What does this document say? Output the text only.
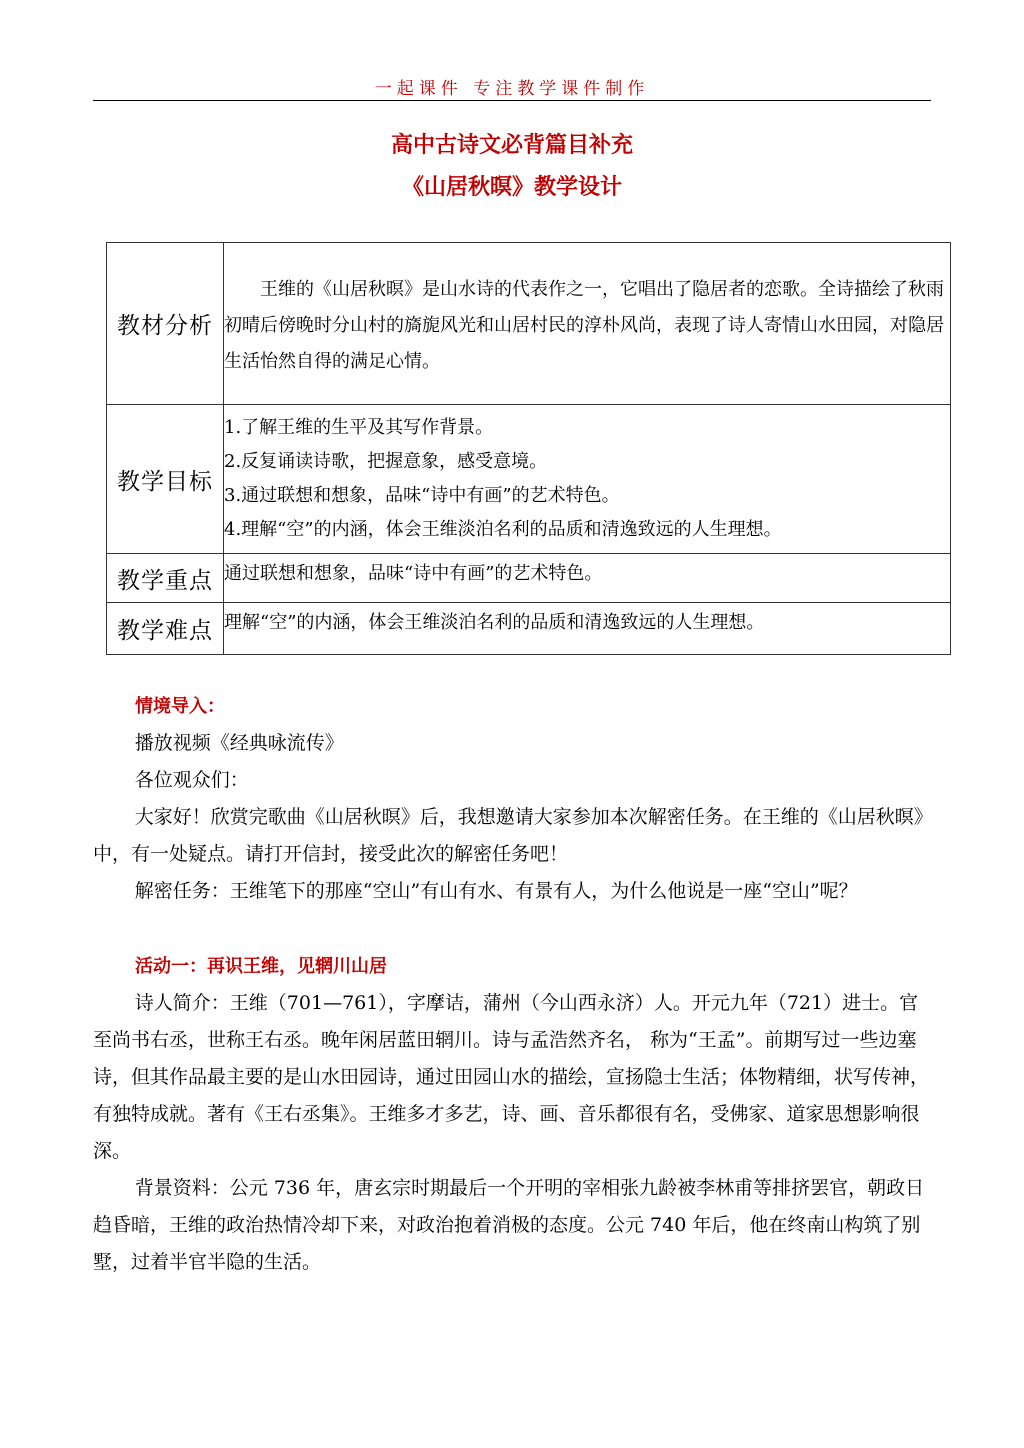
一起课件 专注教学课件制作
高中古诗文必背篇目补充
《山居秋暝》教学设计
教材分析	王维的《山居秋暝》是山水诗的代表作之一，它唱出了隐居者的恋歌。全诗描绘了秋雨初晴后傍晚时分山村的旖旎风光和山居村民的淳朴风尚，表现了诗人寄情山水田园，对隐居生活怡然自得的满足心情。

教学目标	1.了解王维的生平及其写作背景。
2.反复诵读诗歌，把握意象，感受意境。
3.通过联想和想象，品味“诗中有画”的艺术特色。
4.理解“空”的内涵，体会王维淡泊名利的品质和清逸致远的人生理想。

教学重点	通过联想和想象，品味“诗中有画”的艺术特色。
教学难点	理解“空”的内涵，体会王维淡泊名利的品质和清逸致远的人生理想。

情境导入：

播放视频《经典咏流传》

各位观众们：

大家好！欣赏完歌曲《山居秋暝》后，我想邀请大家参加本次解密任务。在王维的《山居秋暝》中，有一处疑点。请打开信封，接受此次的解密任务吧！

解密任务：王维笔下的那座“空山”有山有水、有景有人，为什么他说是一座“空山”呢？

活动一：再识王维，见辋川山居

诗人简介：王维（701—761），字摩诘，蒲州（今山西永济）人。开元九年（721）进士。官至尚书右丞，世称王右丞。晚年闲居蓝田辋川。诗与孟浩然齐名， 称为“王孟”。前期写过一些边塞诗，但其作品最主要的是山水田园诗，通过田园山水的描绘，宣扬隐士生活；体物精细，状写传神，有独特成就。著有《王右丞集》。王维多才多艺，诗、画、音乐都很有名，受佛家、道家思想影响很深。

背景资料：公元 736 年，唐玄宗时期最后一个开明的宰相张九龄被李林甫等排挤罢官，朝政日趋昏暗，王维的政治热情冷却下来，对政治抱着消极的态度。公元 740 年后，他在终南山构筑了别墅，过着半官半隐的生活。
